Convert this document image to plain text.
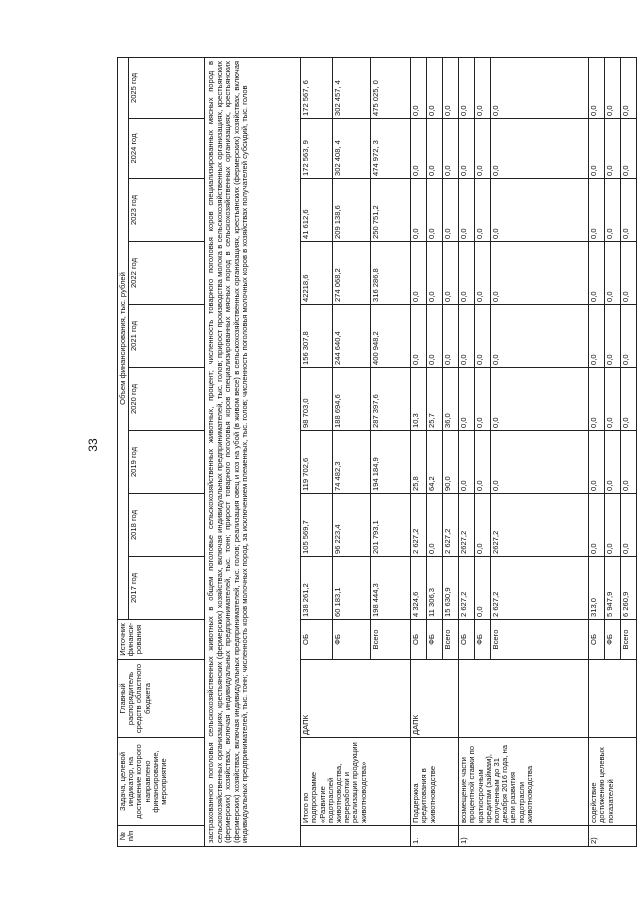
33
№ п/п	Задача, целевой индикатор, на достижение которого направлено финансирование, мероприятие	Главный распорядитель средств областного бюджета	Источник финанси-рования	Объем финансирования, тыс. рублей								
				2017 год	2018 год	2019 год	2020 год	2021 год	2022 год	2023 год	2024 год	2025 год
застрахованного поголовья сельскохозяйственных животных в общем поголовье сельскохозяйственных животных, процент; численность товарного поголовья коров специализированных мясных пород в сельскохозяйственных организациях, крестьянских (фермерских) хозяйствах, включая индивидуальных предпринимателей, тыс. голов; прирост производства молока в сельскохозяйственных организациях, крестьянских (фермерских) хозяйствах, включая индивидуальных предпринимателей, тыс. тонн; прирост товарного поголовья коров специализированных мясных пород в сельскохозяйственных организациях, крестьянских (фермерских) хозяйствах, включая индивидуальных предпринимателей, тыс. голов; реализация овец и коз на убой (в живом весе) в сельскохозяйственных организациях, крестьянских (фермерских) хозяйствах, включая индивидуальных предпринимателей, тыс. тонн; численность коров молочных пород, за исключением племенных, тыс. голов; численность поголовья молочных коров в хозяйствах получателей субсидий, тыс. голов												
	Итого по подпрограмме «Развитие подотраслей животноводства, переработки и реализации продукции животноводства»	ДАПК	ОБ	138 261,2	105 569,7	119 702,6	98 703,0	156 307,8	42218,6	41 612,6	172 563, 9	172 567, 6
			ФБ	60 183,1	96 223,4	74 482,3	188 694,6	244 640,4	274 068,2	209 138,6	302 408, 4	302 457, 4
			Всего	198 444,3	201 793,1	194 184,9	287 397,6	400 948,2	316 286,8	250 751,2	474 972, 3	475 025, 0
1.	Поддержка кредитования в животноводстве	ДАПК	ОБ	4 324,6	2 627,2	25,8	10,3	0,0	0,0	0,0	0,0	0,0
			ФБ	11 306,3	0,0	64,2	25,7	0,0	0,0	0,0	0,0	0,0
			Всего	15 630,9	2 627,2	90,0	36,0	0,0	0,0	0,0	0,0	0,0
1)	возмещение части процентной ставки по краткосрочным кредитам (займам), полученным до 31 декабря 2016 года, на цели развития подотрасли животноводства		ОБ	2 627,2	2627,2	0,0	0,0	0,0	0,0	0,0	0,0	0,0
			ФБ	0,0	0,0	0,0	0,0	0,0	0,0	0,0	0,0	0,0
			Всего	2 627,2	2627,2	0,0	0,0	0,0	0,0	0,0	0,0	0,0
2)	содействие достижению целевых показателей		ОБ	313,0	0,0	0,0	0,0	0,0	0,0	0,0	0,0	0,0
			ФБ	5 947,9	0,0	0,0	0,0	0,0	0,0	0,0	0,0	0,0
			Всего	6 260,9	0,0	0,0	0,0	0,0	0,0	0,0	0,0	0,0
